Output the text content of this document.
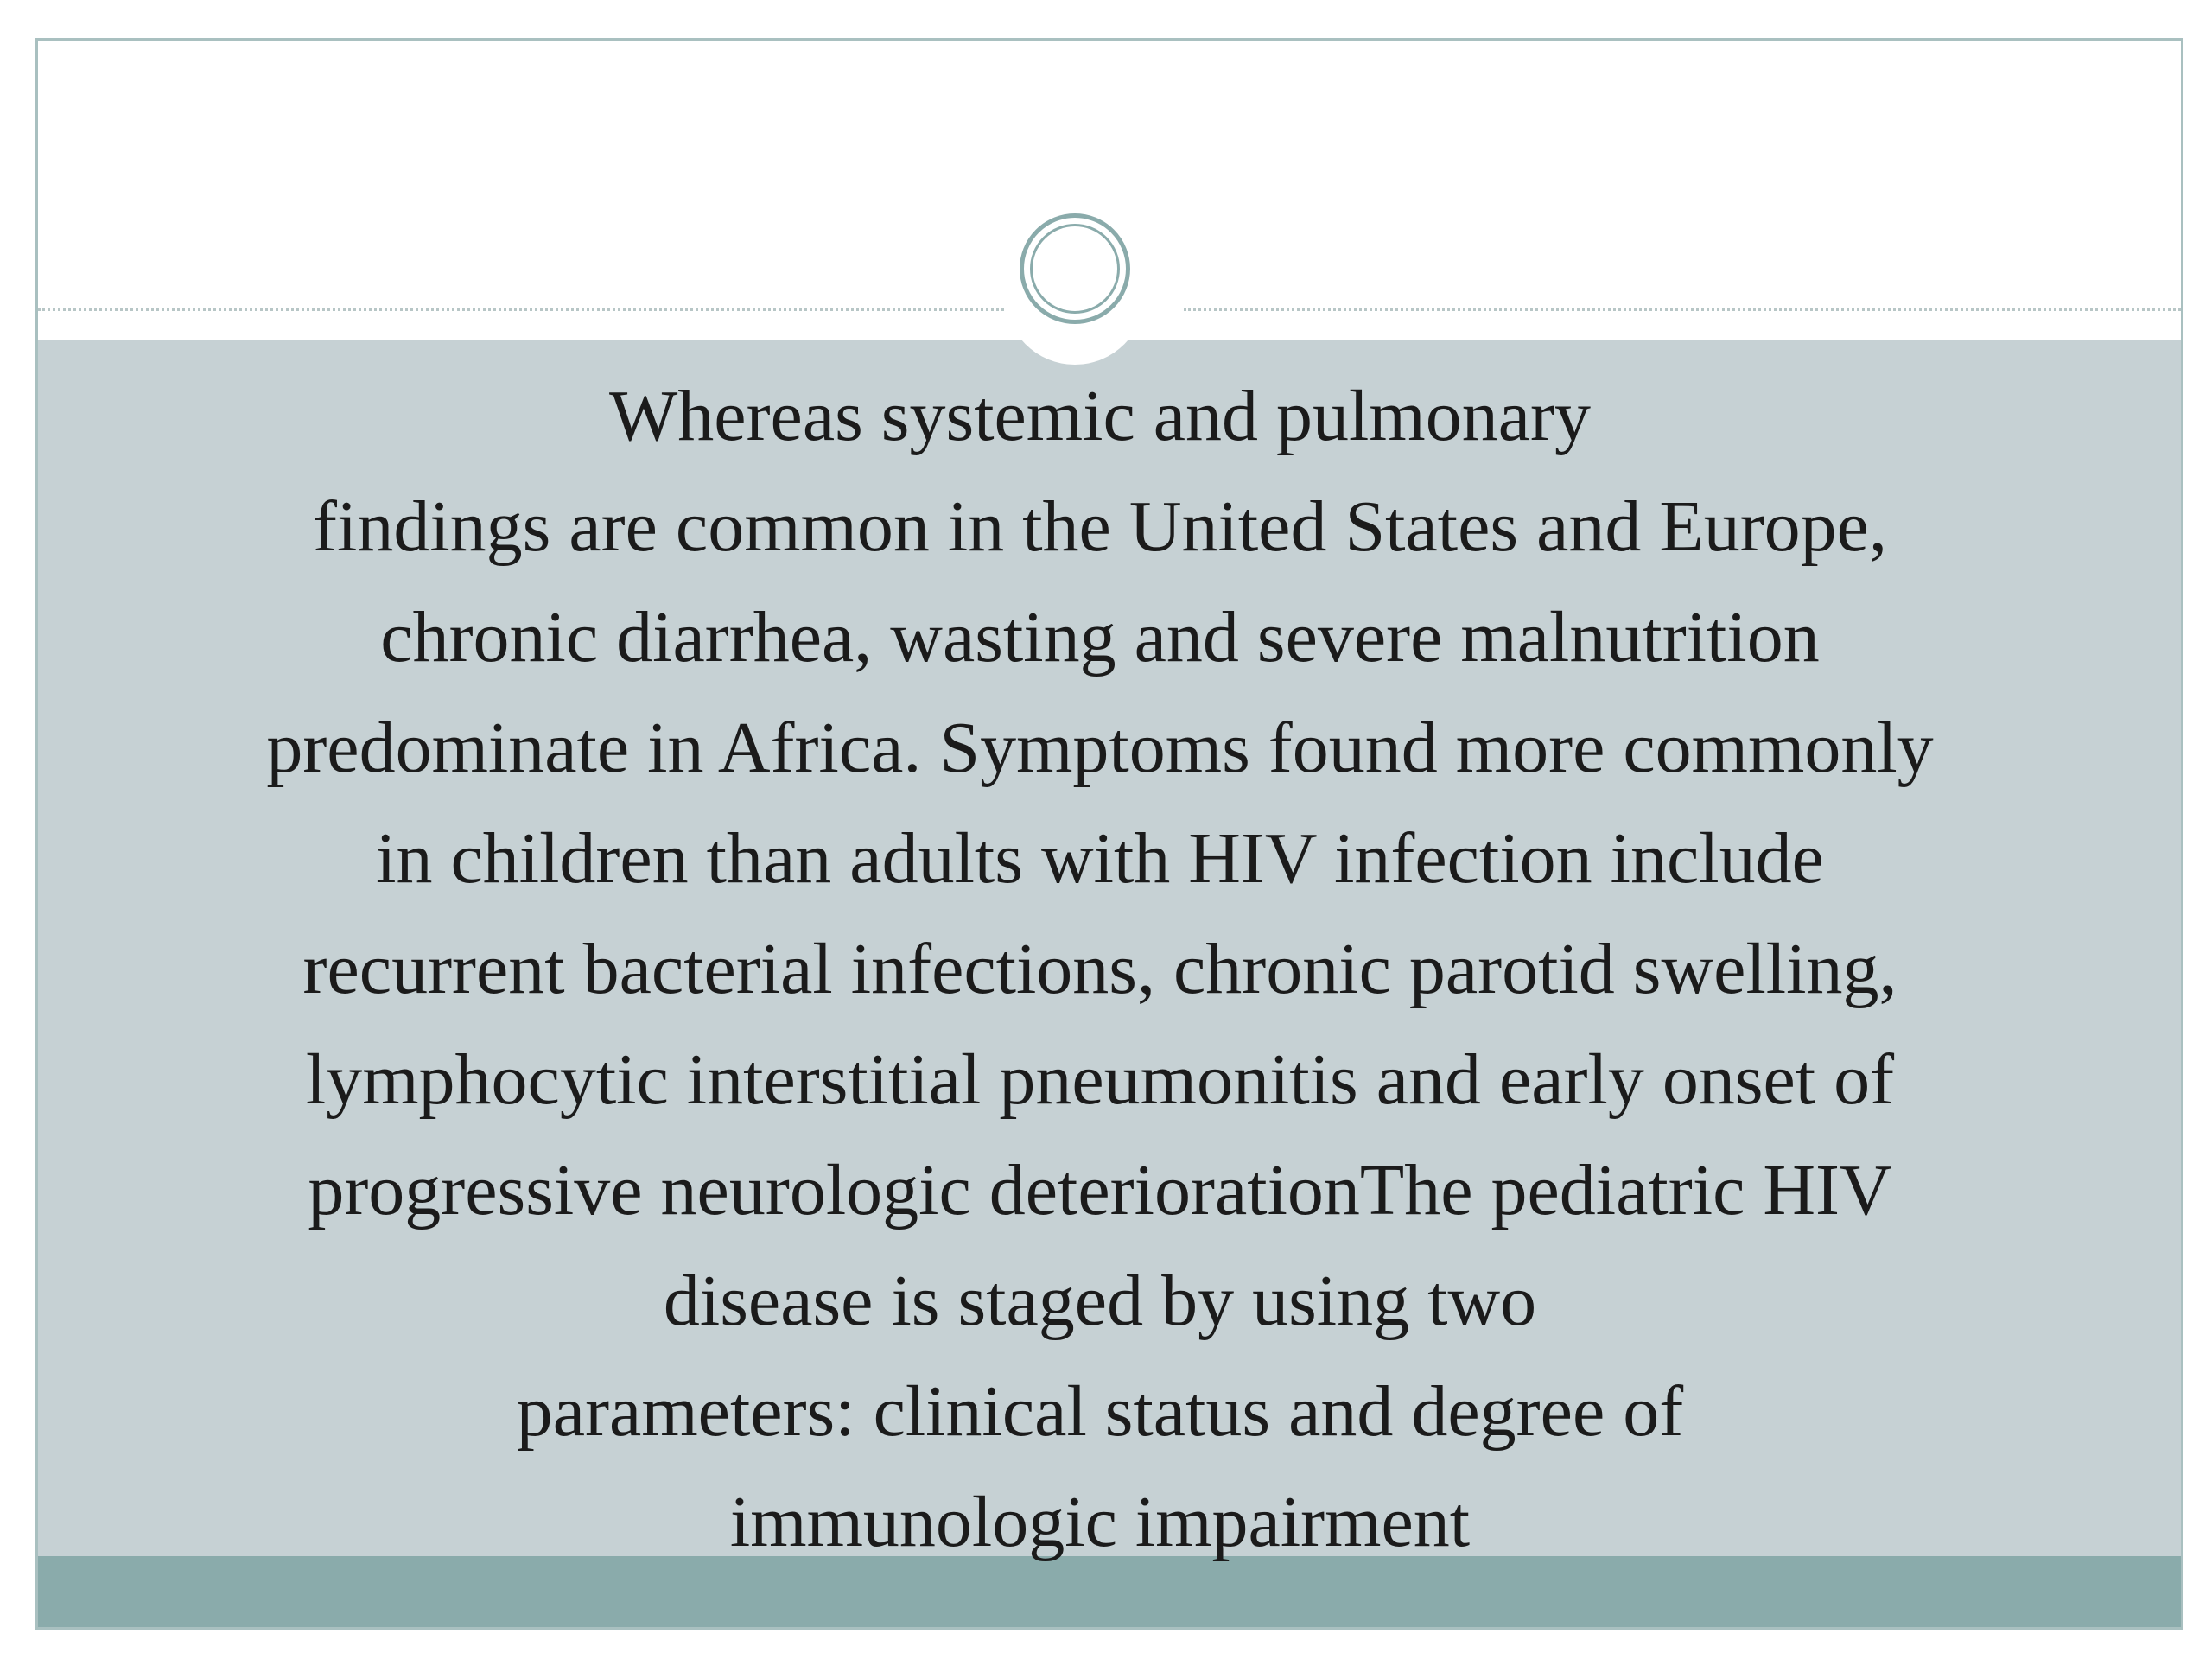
Whereas systemic and pulmonary
findings are common in the United States and Europe,
chronic diarrhea, wasting and severe malnutrition
predominate in Africa. Symptoms found more commonly
in children than adults with HIV infection include
recurrent bacterial infections, chronic parotid swelling,
lymphocytic interstitial pneumonitis and early onset of
progressive neurologic deteriorationThe pediatric HIV
disease is staged by using two
parameters: clinical status and degree of
immunologic impairment
